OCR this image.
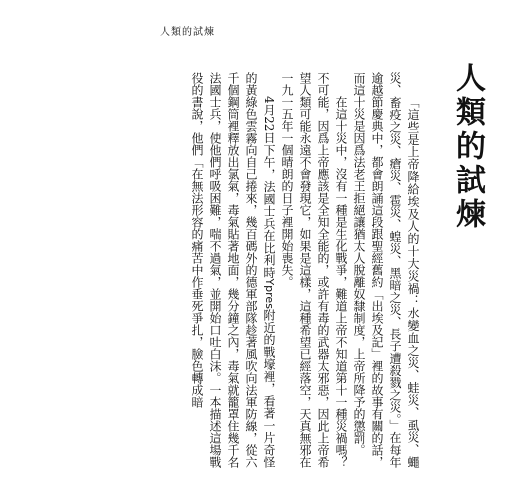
人類的試煉
人類的試煉

「這些是上帝降給埃及人的十大災禍：水變血之災、蛙災、虱災、蠅災、畜疫之災、瘡災、雹災、蝗災、黑暗之災、長子遭殺戮之災。」在每年逾越節慶典中，都會朗誦這段跟聖經舊約「出埃及記」裡的故事有關的話，而這十災是因爲法老王拒絕讓猶太人脫離奴隸制度，上帝所降予的懲罰。

在這十災中，沒有一種是生化戰爭，難道上帝不知道第十一種災禍嗎？不可能，因爲上帝應該是全知全能的，或許有毒的武器太邪惡，因此上帝希望人類可能永遠不會發現它，如果是這樣，這種希望已經落空，天真無邪在一九一五年一個晴朗的日子裡開始喪失。

4月22日下午，法國士兵在比利時Ypres附近的戰壕裡，看著一片奇怪的黃綠色雲霧向自己捲來，幾百碼外的德軍部隊趁著風吹向法軍防線，從六千個鋼筒裡釋放出氯氣，毒氣貼著地面，幾分鐘之內，毒氣就籠罩住幾千名法國士兵，使他們呼吸困難，喘不過氣，並開始口吐白沫。一本描述這場戰役的書說，他們「在無法形容的痛苦中作垂死爭扎，臉色轉成暗
